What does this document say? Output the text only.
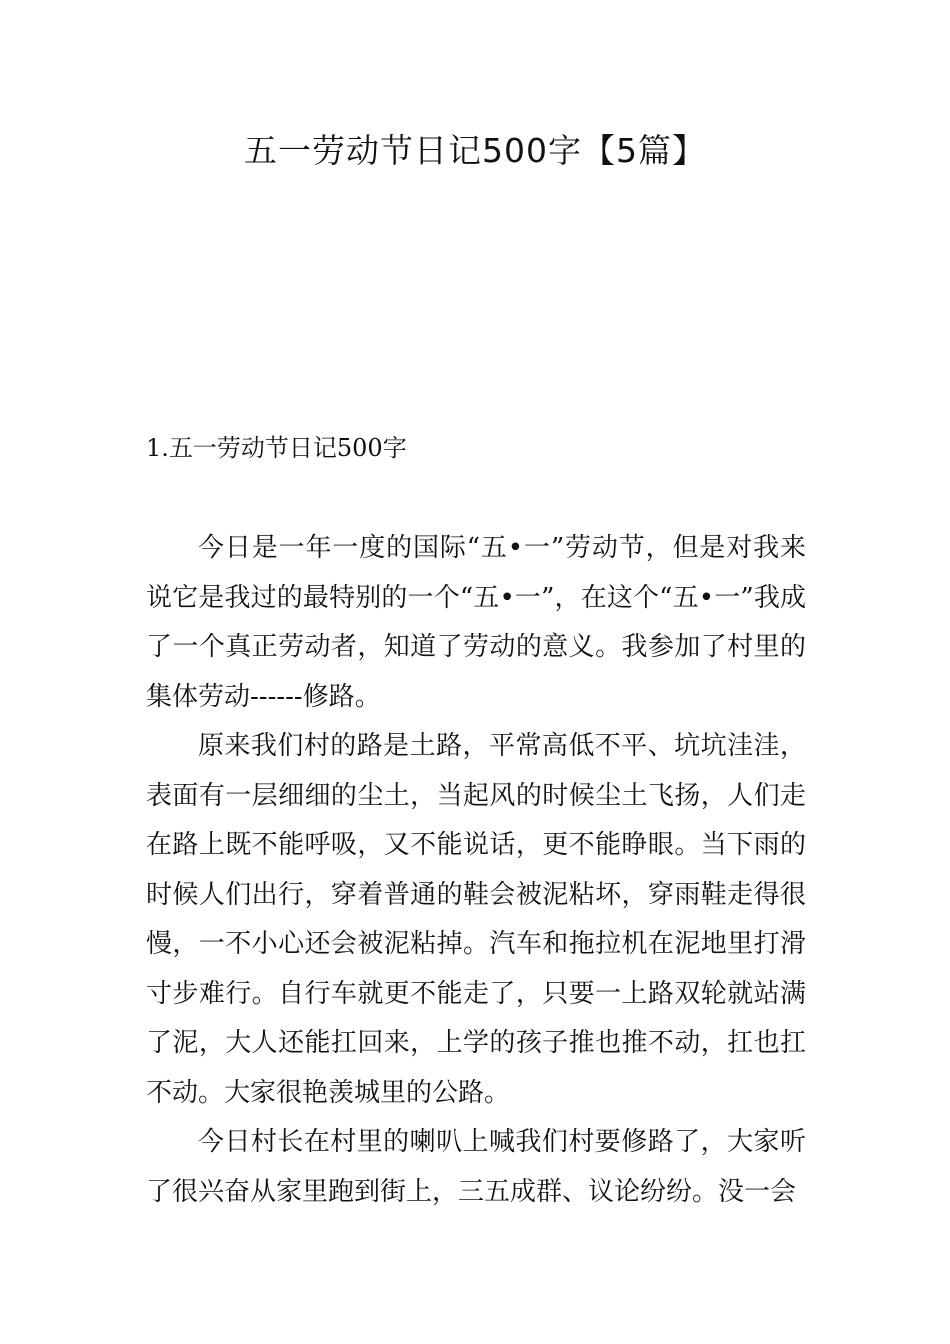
五一劳动节日记500字【5篇】
1.五一劳动节日记500字

今日是一年一度的国际“五•一”劳动节，但是对我来说它是我过的最特别的一个“五•一”，在这个“五•一”我成了一个真正劳动者，知道了劳动的意义。我参加了村里的集体劳动------修路。

原来我们村的路是土路，平常高低不平、坑坑洼洼，表面有一层细细的尘土，当起风的时候尘土飞扬，人们走在路上既不能呼吸，又不能说话，更不能睁眼。当下雨的时候人们出行，穿着普通的鞋会被泥粘坏，穿雨鞋走得很慢，一不小心还会被泥粘掉。汽车和拖拉机在泥地里打滑寸步难行。自行车就更不能走了，只要一上路双轮就站满了泥，大人还能扛回来，上学的孩子推也推不动，扛也扛不动。大家很艳羡城里的公路。

今日村长在村里的喇叭上喊我们村要修路了，大家听了很兴奋从家里跑到街上，三五成群、议论纷纷。没一会
